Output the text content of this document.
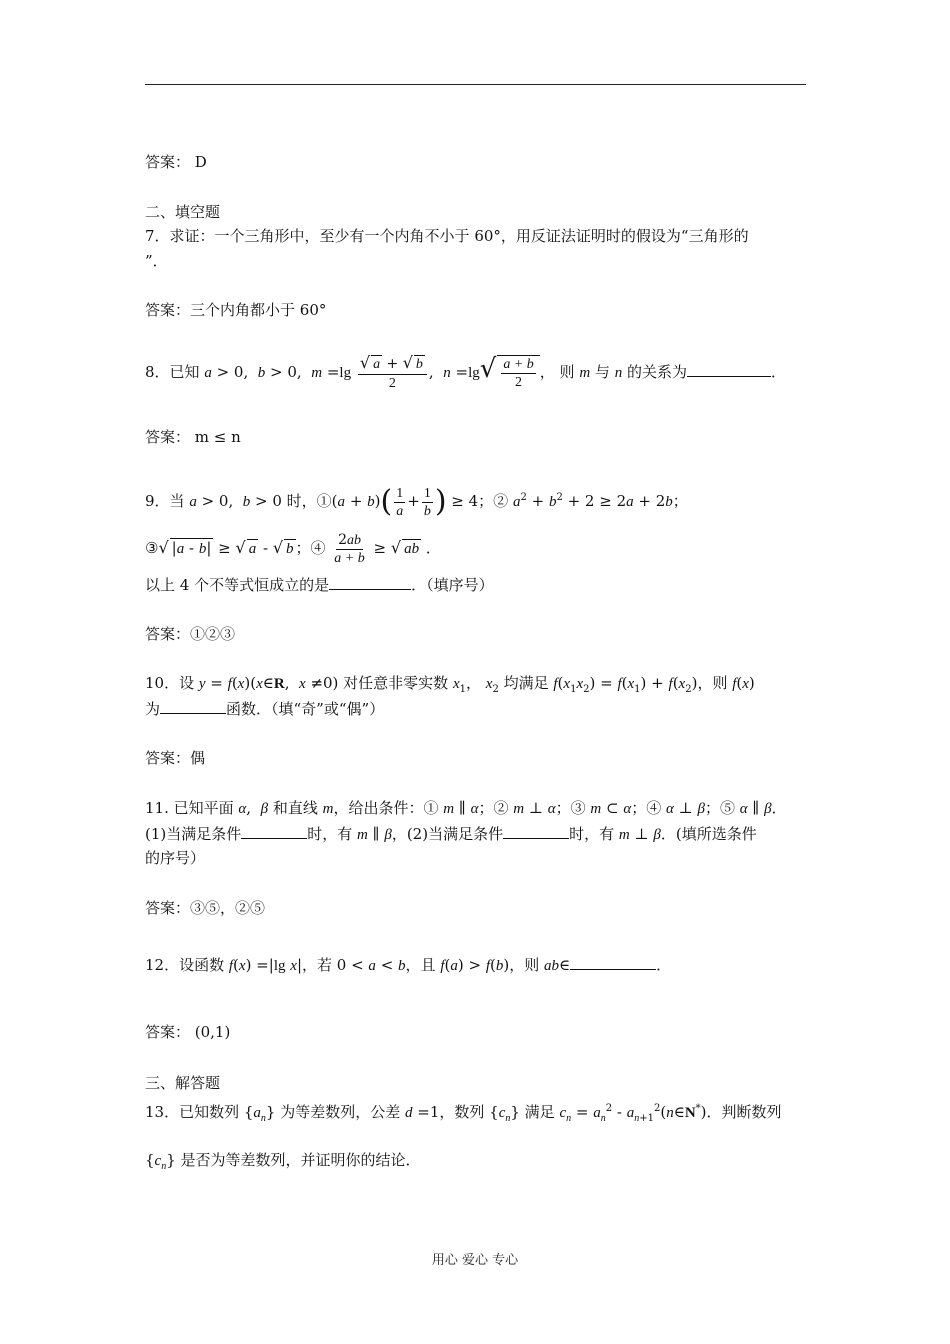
答案： D
二、填空题
7．求证：一个三角形中，至少有一个内角不小于 60°，用反证法证明时的假设为“三角形的
”．
答案：三个内角都小于 60°
8．已知 a > 0,  b > 0,  $m =\lg \frac{√ a + √ b}{2}$ ,  $n =\lg√ \frac{a + b}{2}$ ， 则 m 与 n 的关系为	．
答案： m ≤ n
9．当 a > 0,  b > 0 时，①(a + $b)( \frac{1}{a} + \frac{1}{b}$ ) ≥ 4；② $a^2 + b^2 + 2 \ge 2a + 2b$；
③√ |a - b| ≥ √ a - √ b ；④ $\frac{2ab}{a + b}$ ≥ √ ab ．
以上 4 个不等式恒成立的是	．（填序号）
答案：①②③
10．设 y = f(x)(x∈R,  x ≠0) 对任意非零实数 $x_1$， $x_2$ 均满足 $f(x_1x_2) = f(x_1) + f(x_2)$，则 f(x)
为	函数．（填“奇”或“偶”）
答案：偶
11. 已知平面 α,  β 和直线 m，给出条件：① m ∥ α；② m ⊥ α；③ m ⊂ α；④ α ⊥ β；⑤ α ∥ β．
(1)当满足条件	时，有 m ∥ β，(2)当满足条件	时，有 m ⊥ β．(填所选条件
的序号）
答案：③⑤，②⑤
12．设函数 f(x) =|lg x|，若 0 < a < b，且 f(a) > f(b)，则 ab∈	．
答案： (0,1)
三、解答题
13．已知数列 $\{a_n\}$ 为等差数列，公差 d =1，数列 $\{c_n\}$ 满足 $c_n = a_n^2$ - $a_{n+1}^2(n\in N^*)$．判断数列
$\{c_n\}$ 是否为等差数列，并证明你的结论．
用心 爱心 专心
